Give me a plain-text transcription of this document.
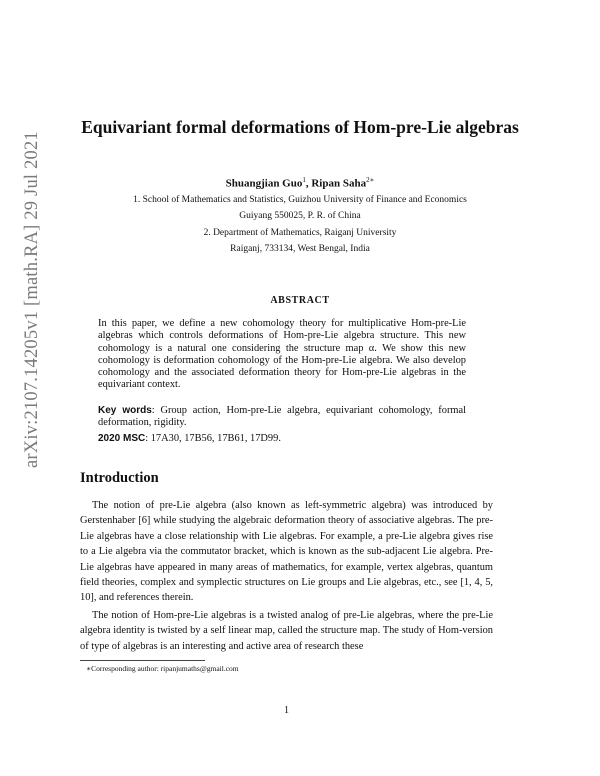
arXiv:2107.14205v1 [math.RA] 29 Jul 2021
Equivariant formal deformations of Hom-pre-Lie algebras
Shuangjian Guo$^1$, Ripan Saha$^{2∗}$
1. School of Mathematics and Statistics, Guizhou University of Finance and Economics
Guiyang 550025, P. R. of China
2. Department of Mathematics, Raiganj University
Raiganj, 733134, West Bengal, India
ABSTRACT
In this paper, we define a new cohomology theory for multiplicative Hom-pre-Lie algebras which controls deformations of Hom-pre-Lie algebra structure. This new cohomology is a natural one considering the structure map α. We show this new cohomology is deformation cohomology of the Hom-pre-Lie algebra. We also develop cohomology and the associated deformation theory for Hom-pre-Lie algebras in the equivariant context.
Key words: Group action, Hom-pre-Lie algebra, equivariant cohomology, formal deformation, rigidity.
2020 MSC: 17A30, 17B56, 17B61, 17D99.
Introduction
The notion of pre-Lie algebra (also known as left-symmetric algebra) was introduced by Gerstenhaber [6] while studying the algebraic deformation theory of associative algebras. The pre-Lie algebras have a close relationship with Lie algebras. For example, a pre-Lie algebra gives rise to a Lie algebra via the commutator bracket, which is known as the sub-adjacent Lie algebra. Pre-Lie algebras have appeared in many areas of mathematics, for example, vertex algebras, quantum field theories, complex and symplectic structures on Lie groups and Lie algebras, etc., see [1, 4, 5, 10], and references therein.
The notion of Hom-pre-Lie algebras is a twisted analog of pre-Lie algebras, where the pre-Lie algebra identity is twisted by a self linear map, called the structure map. The study of Hom-version of type of algebras is an interesting and active area of research these
∗Corresponding author: ripanjumaths@gmail.com
1
